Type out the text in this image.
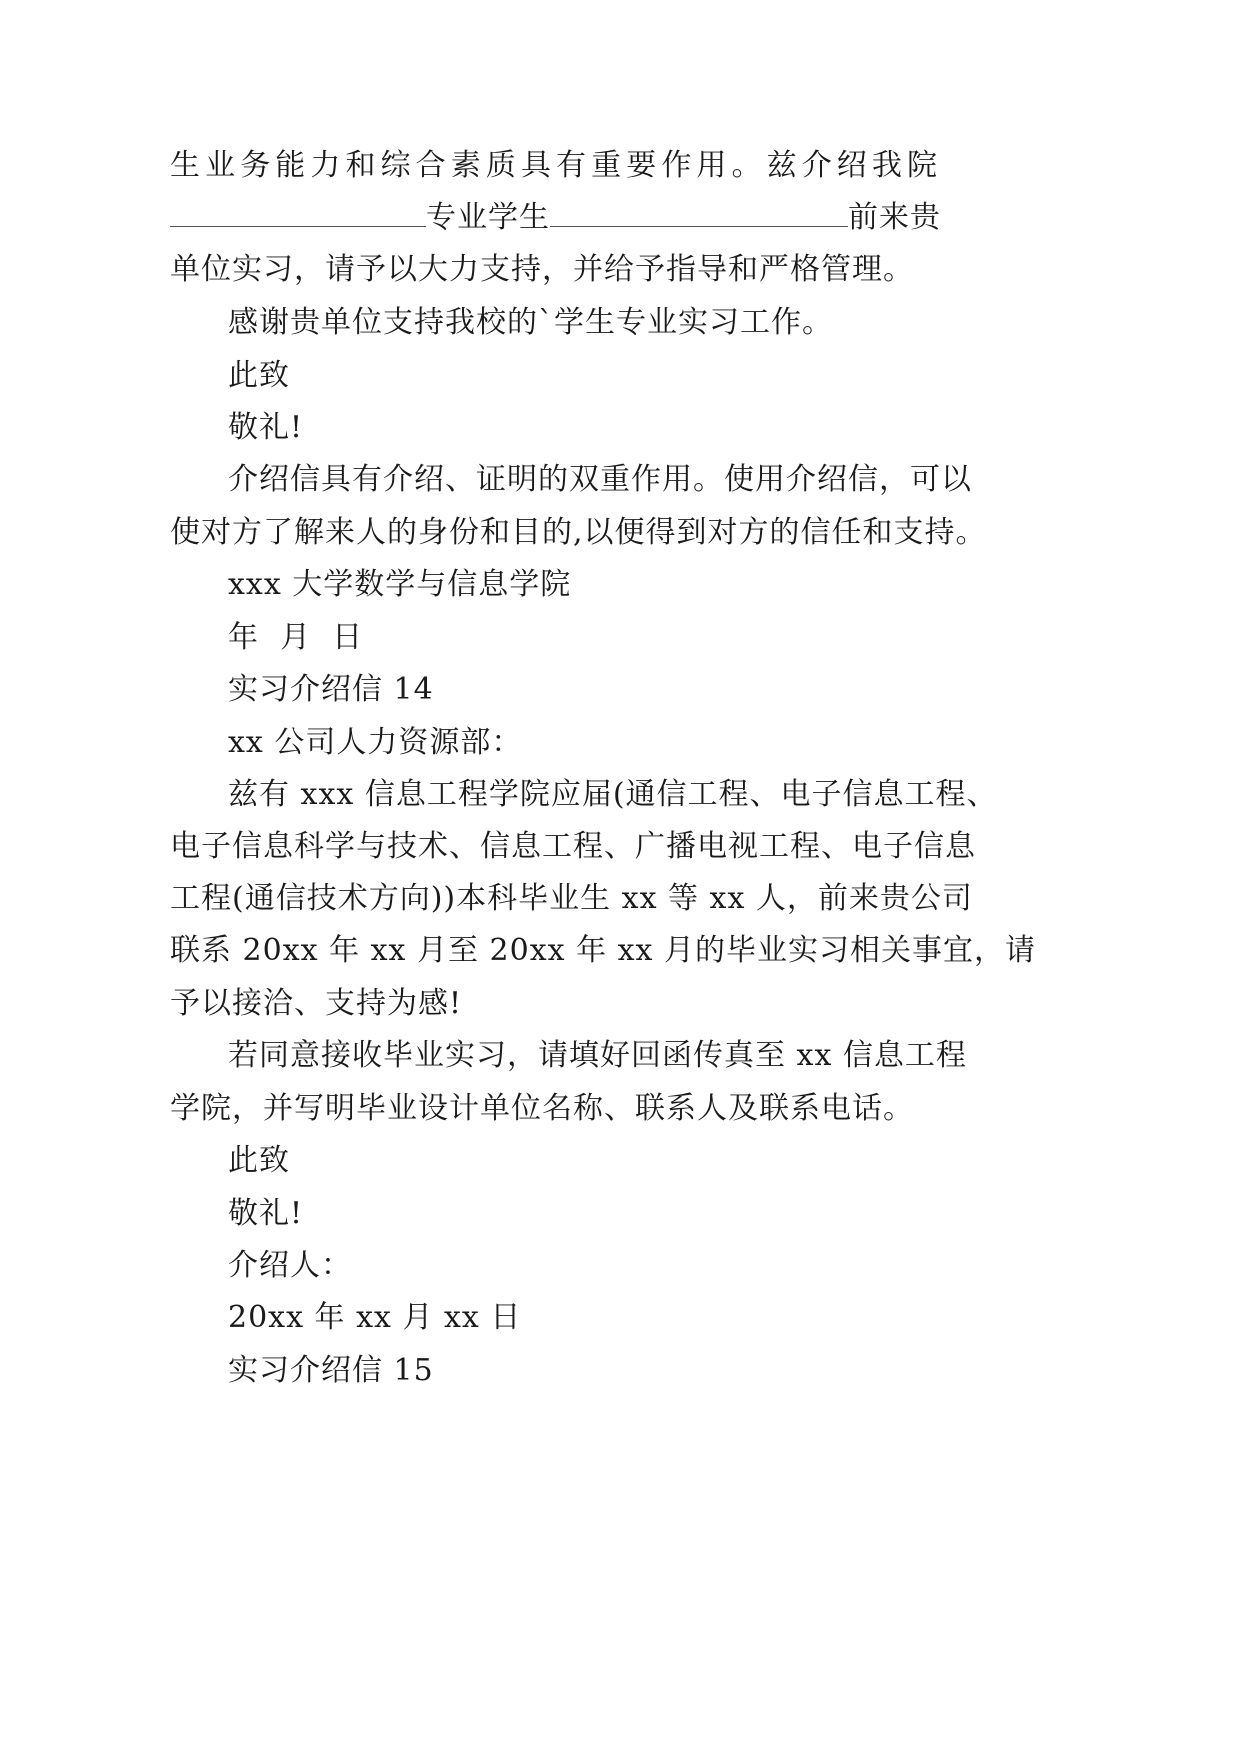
生业务能力和综合素质具有重要作用。兹介绍我院
专业学生	前来贵
单位实习，请予以大力支持，并给予指导和严格管理。
感谢贵单位支持我校的`学生专业实习工作。
此致
敬礼!
介绍信具有介绍、证明的双重作用。使用介绍信，可以
使对方了解来人的身份和目的,以便得到对方的信任和支持。
xxx 大学数学与信息学院
年  月  日
实习介绍信 14
xx 公司人力资源部：
兹有 xxx 信息工程学院应届(通信工程、电子信息工程、
电子信息科学与技术、信息工程、广播电视工程、电子信息
工程(通信技术方向))本科毕业生 xx 等 xx 人，前来贵公司
联系 20xx 年 xx 月至 20xx 年 xx 月的毕业实习相关事宜，请
予以接洽、支持为感!
若同意接收毕业实习，请填好回函传真至 xx 信息工程
学院，并写明毕业设计单位名称、联系人及联系电话。
此致
敬礼!
介绍人：
20xx 年 xx 月 xx 日
实习介绍信 15
